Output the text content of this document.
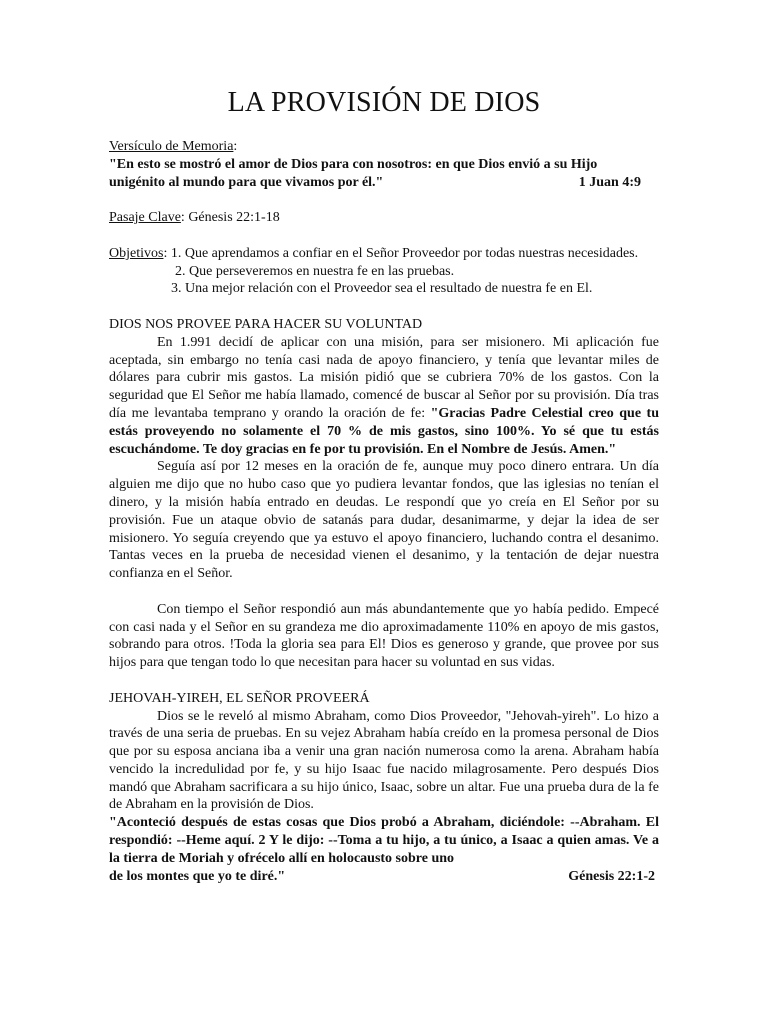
LA PROVISIÓN DE DIOS

Versículo de Memoria:

"En esto se mostró el amor de Dios para con nosotros: en que Dios envió a su Hijo

unigénito al mundo para que vivamos por él."	1 Juan 4:9

Pasaje Clave: Génesis 22:1-18

Objetivos: 1. Que aprendamos a confiar en el Señor Proveedor por todas nuestras necesidades.

2. Que perseveremos en nuestra fe en las pruebas.

3. Una mejor relación con el Proveedor sea el resultado de nuestra fe en El.

DIOS NOS PROVEE PARA HACER SU VOLUNTAD

En 1.991 decidí de aplicar con una misión, para ser misionero. Mi aplicación fue aceptada, sin embargo no tenía casi nada de apoyo financiero, y tenía que levantar miles de dólares para cubrir mis gastos. La misión pidió que se cubriera 70% de los gastos. Con la seguridad que El Señor me había llamado, comencé de buscar al Señor por su provisión. Día tras día me levantaba temprano y orando la oración de fe: "Gracias Padre Celestial creo que tu estás proveyendo no solamente el 70 % de mis gastos, sino 100%. Yo sé que tu estás escuchándome. Te doy gracias en fe por tu provisión. En el Nombre de Jesús. Amen."

Seguía así por 12 meses en la oración de fe, aunque muy poco dinero entrara. Un día alguien me dijo que no hubo caso que yo pudiera levantar fondos, que las iglesias no tenían el dinero, y la misión había entrado en deudas. Le respondí que yo creía en El Señor por su provisión. Fue un ataque obvio de satanás para dudar, desanimarme, y dejar la idea de ser misionero. Yo seguía creyendo que ya estuvo el apoyo financiero, luchando contra el desanimo. Tantas veces en la prueba de necesidad vienen el desanimo, y la tentación de dejar nuestra confianza en el Señor.

Con tiempo el Señor respondió aun más abundantemente que yo había pedido. Empecé con casi nada y el Señor en su grandeza me dio aproximadamente 110% en apoyo de mis gastos, sobrando para otros. !Toda la gloria sea para El! Dios es generoso y grande, que provee por sus hijos para que tengan todo lo que necesitan para hacer su voluntad en sus vidas.

JEHOVAH-YIREH, EL SEÑOR PROVEERÁ

Dios se le reveló al mismo Abraham, como Dios Proveedor, "Jehovah-yireh". Lo hizo a través de una seria de pruebas. En su vejez Abraham había creído en la promesa personal de Dios que por su esposa anciana iba a venir una gran nación numerosa como la arena. Abraham había vencido la incredulidad por fe, y su hijo Isaac fue nacido milagrosamente. Pero después Dios mandó que Abraham sacrificara a su hijo único, Isaac, sobre un altar. Fue una prueba dura de la fe de Abraham en la provisión de Dios.

"Aconteció después de estas cosas que Dios probó a Abraham, diciéndole: --Abraham. El respondió: --Heme aquí. 2 Y le dijo: --Toma a tu hijo, a tu único, a Isaac a quien amas. Ve a la tierra de Moriah y ofrécelo allí en holocausto sobre uno

de los montes que yo te diré."	Génesis 22:1-2
